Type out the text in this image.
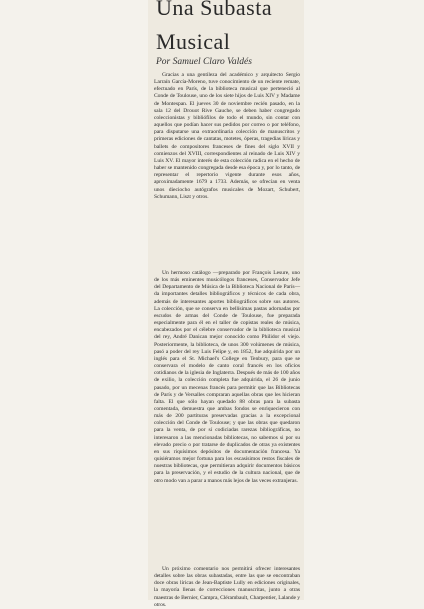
Una Subasta
Musical

Por Samuel Claro Valdés

Gracias a una gentileza del académico y arquitecto Sergio Larraín García-Moreno, tuve conocimiento de un reciente remate, efectuado en París, de la biblioteca musical que perteneció al Conde de Toulouse, uno de los siete hijos de Luis XIV y Madame de Montespan. El jueves 30 de noviembre recién pasado, en la sala 12 del Drouot Rive Gauche, se deben haber congregado coleccionistas y bibliófilos de todo el mundo, sin contar con aquellos que podían hacer sus pedidos por correo o por teléfono, para disputarse una extraordinaria colección de manuscritos y primeras ediciones de cantatas, motetes, óperas, tragedias líricas y ballets de compositores franceses de fines del siglo XVII y comienzos del XVIII, correspondientes al reinado de Luis XIV y Luis XV. El mayor interés de esta colección radica en el hecho de haber se mantenido congregada desde esa época y, por lo tanto, de representar el repertorio vigente durante esos años, aproximadamente 1679 a 1733. Además, se ofrecían en venta unos dieciocho autógrafos musicales de Mozart, Schubert, Schumann, Liszt y otros.

Un hermoso catálogo —preparado por François Lesure, uno de los más eminentes musicólogos franceses, Conservador Jefe del Departamento de Música de la Biblioteca Nacional de París— da importantes detalles bibliográficos y técnicos de cada obra, además de interesantes aportes bibliográficos sobre sus autores. La colección, que se conserva en bellísimas pastas adornadas por escudos de armas del Conde de Toulouse, fue preparada especialmente para él en el taller de copistas reales de música, encabezados por el célebre conservador de la biblioteca musical del rey, André Danican mejor conocido como Philidor el viejo. Posteriormente, la biblioteca, de unos 300 volúmenes de música, pasó a poder del rey Luis Felipe y, en 1852, fue adquirida por un inglés para el St. Michael's College en Tenbury, para que se conservara el modelo de canto coral francés en los oficios cotidianos de la iglesia de Inglaterra. Después de más de 100 años de exilio, la colección completa fue adquirida, el 26 de junio pasado, por un mecenas francés para permitir que las Bibliotecas de París y de Versalles compraran aquellas obras que les hicieran falta. El que sólo hayan quedado 88 obras para la subasta comentada, demuestra que ambas fondos se enriquecieron con más de 200 partituras preservadas gracias a la excepcional colección del Conde de Toulouse; y que las obras que quedaron para la venta, de por sí codiciadas rarezas bibliográficas, no interesaron a las mencionadas bibliotecas, no sabemos si por su elevado precio o por tratarse de duplicados de otras ya existentes en sus riquísimos depósitos de documentación francesa. Ya quisiéramos mejor fortuna para los escasísimos restos fiscales de nuestras bibliotecas, que permitieran adquirir documentos básicos para la preservación, y el estudio de la cultura nacional, que de otro modo van a parar a manos más lejos de las veces extranjeras.

Un próximo comentario nos permitirá ofrecer interesantes detalles sobre las obras subastadas, entre las que se encontraban doce obras líricas de Jean-Baptiste Lully en ediciones originales, la mayoría llenas de correcciones manuscritas, junto a otras maestras de Bernier, Campra, Clérambault, Charpentier, Lalande y otros.
